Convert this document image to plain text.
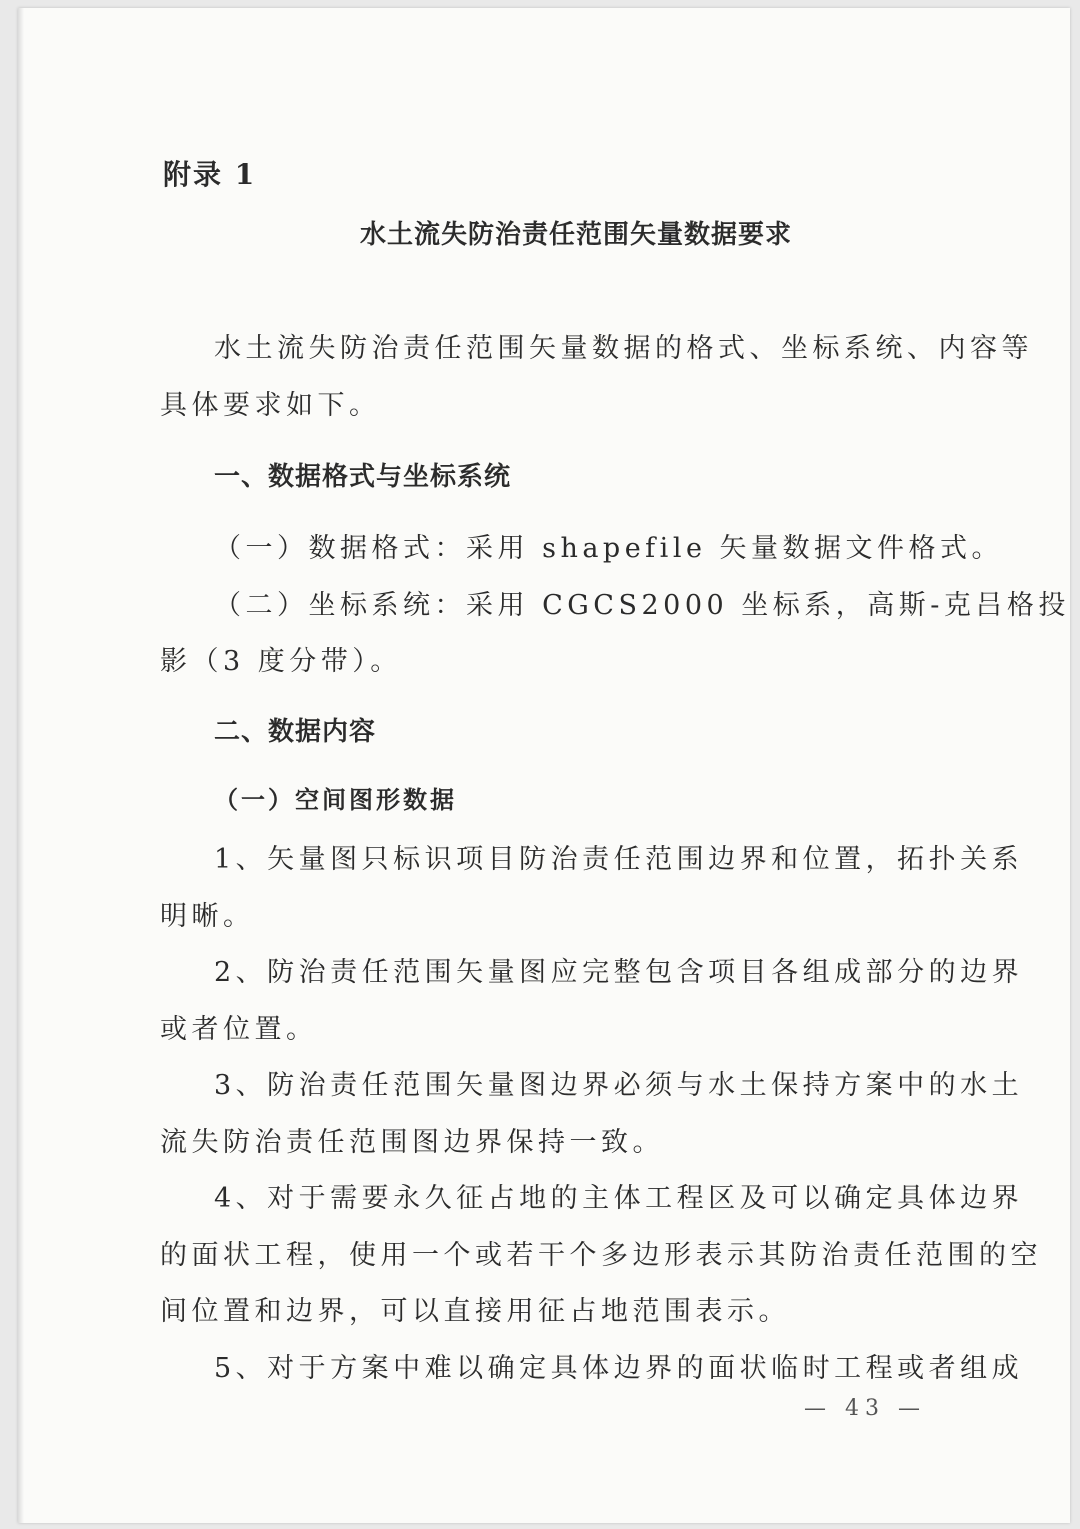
附录 1
水土流失防治责任范围矢量数据要求
水土流失防治责任范围矢量数据的格式、坐标系统、内容等
具体要求如下。
一、数据格式与坐标系统
（一）数据格式：采用 shapefile 矢量数据文件格式。
（二）坐标系统：采用 CGCS2000 坐标系，高斯-克吕格投
影（3 度分带）。
二、数据内容
（一）空间图形数据
1、矢量图只标识项目防治责任范围边界和位置，拓扑关系
明晰。
2、防治责任范围矢量图应完整包含项目各组成部分的边界
或者位置。
3、防治责任范围矢量图边界必须与水土保持方案中的水土
流失防治责任范围图边界保持一致。
4、对于需要永久征占地的主体工程区及可以确定具体边界
的面状工程，使用一个或若干个多边形表示其防治责任范围的空
间位置和边界，可以直接用征占地范围表示。
5、对于方案中难以确定具体边界的面状临时工程或者组成
— 43 —
